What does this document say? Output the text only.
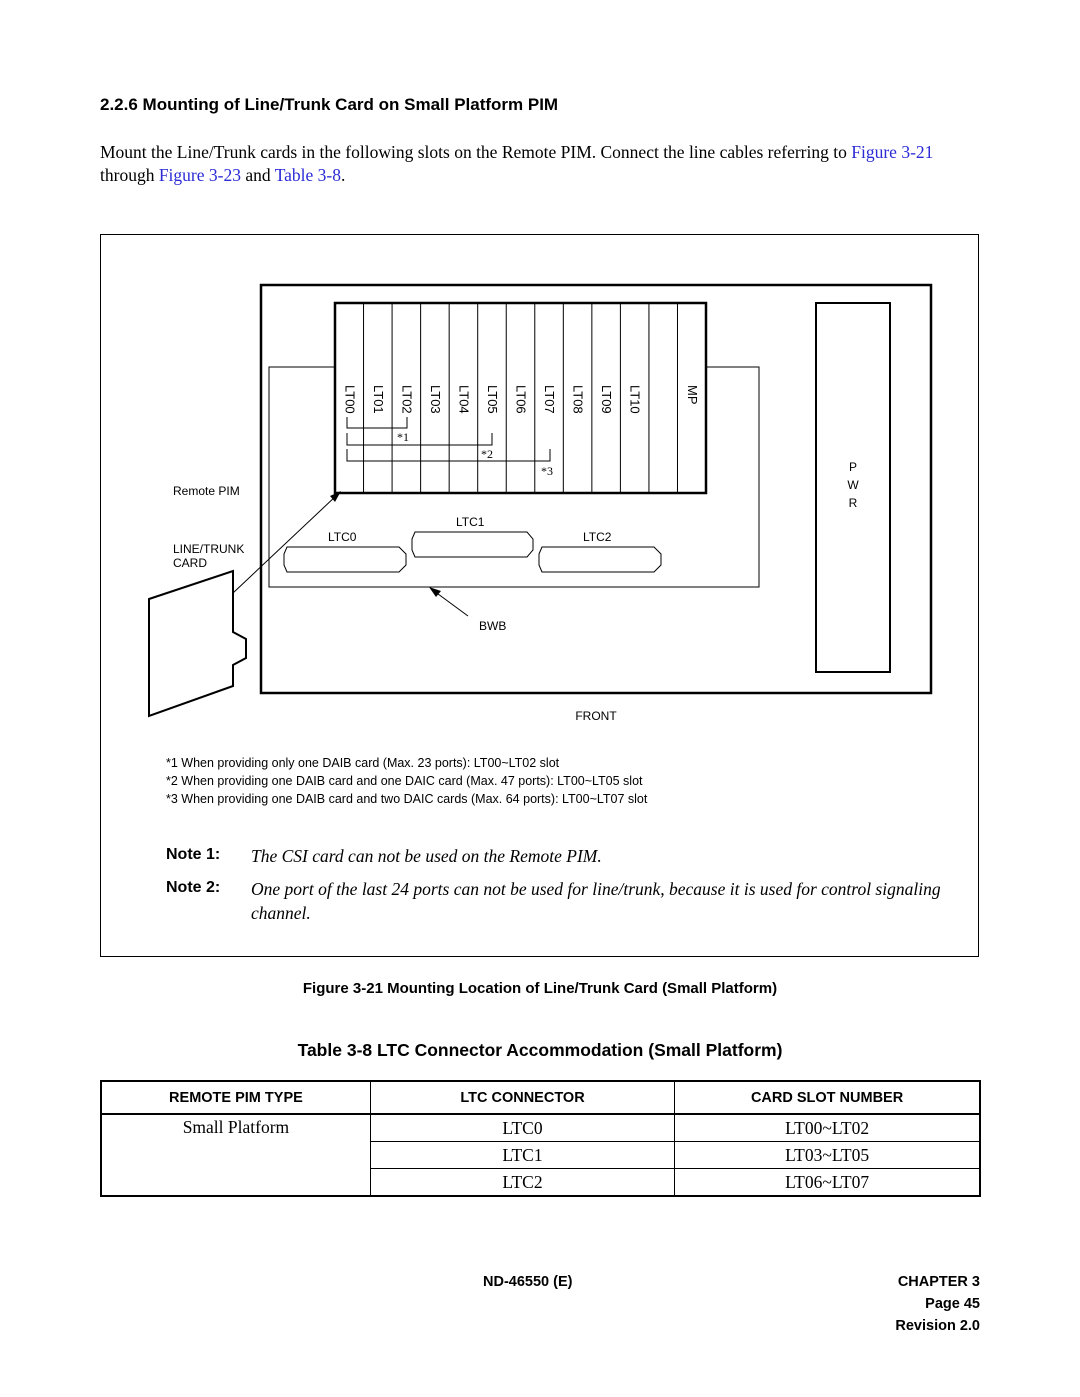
2.2.6 Mounting of Line/Trunk Card on Small Platform PIM
Mount the Line/Trunk cards in the following slots on the Remote PIM. Connect the line cables referring to Figure 3-21 through Figure 3-23 and Table 3-8.
LT00 LT01 LT02 LT03 LT04 LT05 LT06 LT07 LT08 LT09 LT10	MP
*1
*2
*3
LTC0
LTC1
LTC2
BWB
P
W
R
Remote PIM
LINE/TRUNK
CARD
FRONT
*1 When providing only one DAIB card (Max. 23 ports): LT00~LT02 slot
*2 When providing one DAIB card and one DAIC card (Max. 47 ports): LT00~LT05 slot
*3 When providing one DAIB card and two DAIC cards (Max. 64 ports): LT00~LT07 slot
Note 1: The CSI card can not be used on the Remote PIM.
Note 2: One port of the last 24 ports can not be used for line/trunk, because it is used for control signaling channel.
Figure 3-21 Mounting Location of Line/Trunk Card (Small Platform)
Table 3-8 LTC Connector Accommodation (Small Platform)
REMOTE PIM TYPE	LTC CONNECTOR	CARD SLOT NUMBER
Small Platform	LTC0	LT00~LT02
	LTC1	LT03~LT05
	LTC2	LT06~LT07
ND-46550 (E)	CHAPTER 3
Page 45
Revision 2.0
